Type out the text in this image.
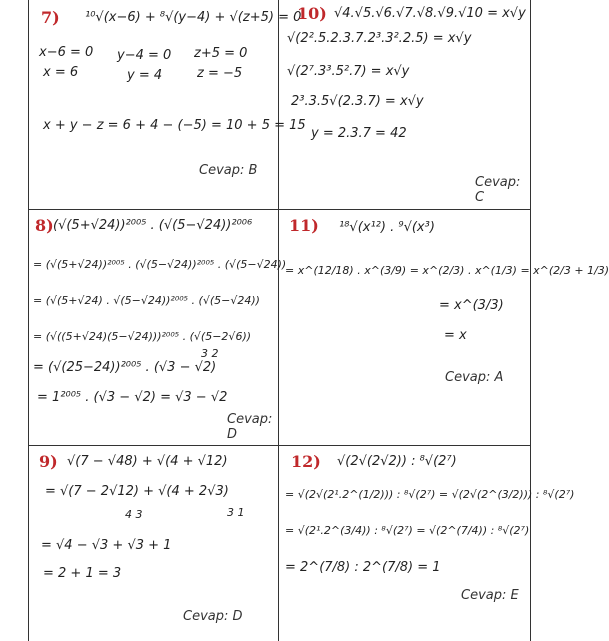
7) ¹⁰√(x−6) + ⁸√(y−4) + √(z+5) = 0
x−6 = 0
x = 6
y−4 = 0
y = 4
z+5 = 0
z = −5
x + y − z = 6 + 4 − (−5) = 10 + 5 = 15
Cevap: B
10) √4.√5.√6.√7.√8.√9.√10 = x√y
√(2².5.2.3.7.2³.3².2.5) = x√y
√(2⁷.3³.5².7) = x√y
2³.3.5√(2.3.7) = x√y
y = 2.3.7 = 42
Cevap: C
8) (√(5+√24))²⁰⁰⁵ . (√(5−√24))²⁰⁰⁶
= (√(5+√24))²⁰⁰⁵ . (√(5−√24))²⁰⁰⁵ . (√(5−√24))
= (√(5+√24) . √(5−√24))²⁰⁰⁵ . (√(5−√24))
= (√((5+√24)(5−√24)))²⁰⁰⁵ . (√(5−2√6))
3 2
= (√(25−24))²⁰⁰⁵ . (√3 − √2)
= 1²⁰⁰⁵ . (√3 − √2) = √3 − √2
Cevap: D
11) ¹⁸√(x¹²) . ⁹√(x³)
= x^(12/18) . x^(3/9) = x^(2/3) . x^(1/3) = x^(2/3 + 1/3)
= x^(3/3)
= x
Cevap: A
9) √(7 − √48) + √(4 + √12)
= √(7 − 2√12) + √(4 + 2√3)
4 3	3 1
= √4 − √3 + √3 + 1
= 2 + 1 = 3
Cevap: D
12) √(2√(2√2)) : ⁸√(2⁷)
= √(2√(2¹.2^(1/2))) : ⁸√(2⁷) = √(2√(2^(3/2))) : ⁸√(2⁷)
= √(2¹.2^(3/4)) : ⁸√(2⁷) = √(2^(7/4)) : ⁸√(2⁷)
= 2^(7/8) : 2^(7/8) = 1
Cevap: E
